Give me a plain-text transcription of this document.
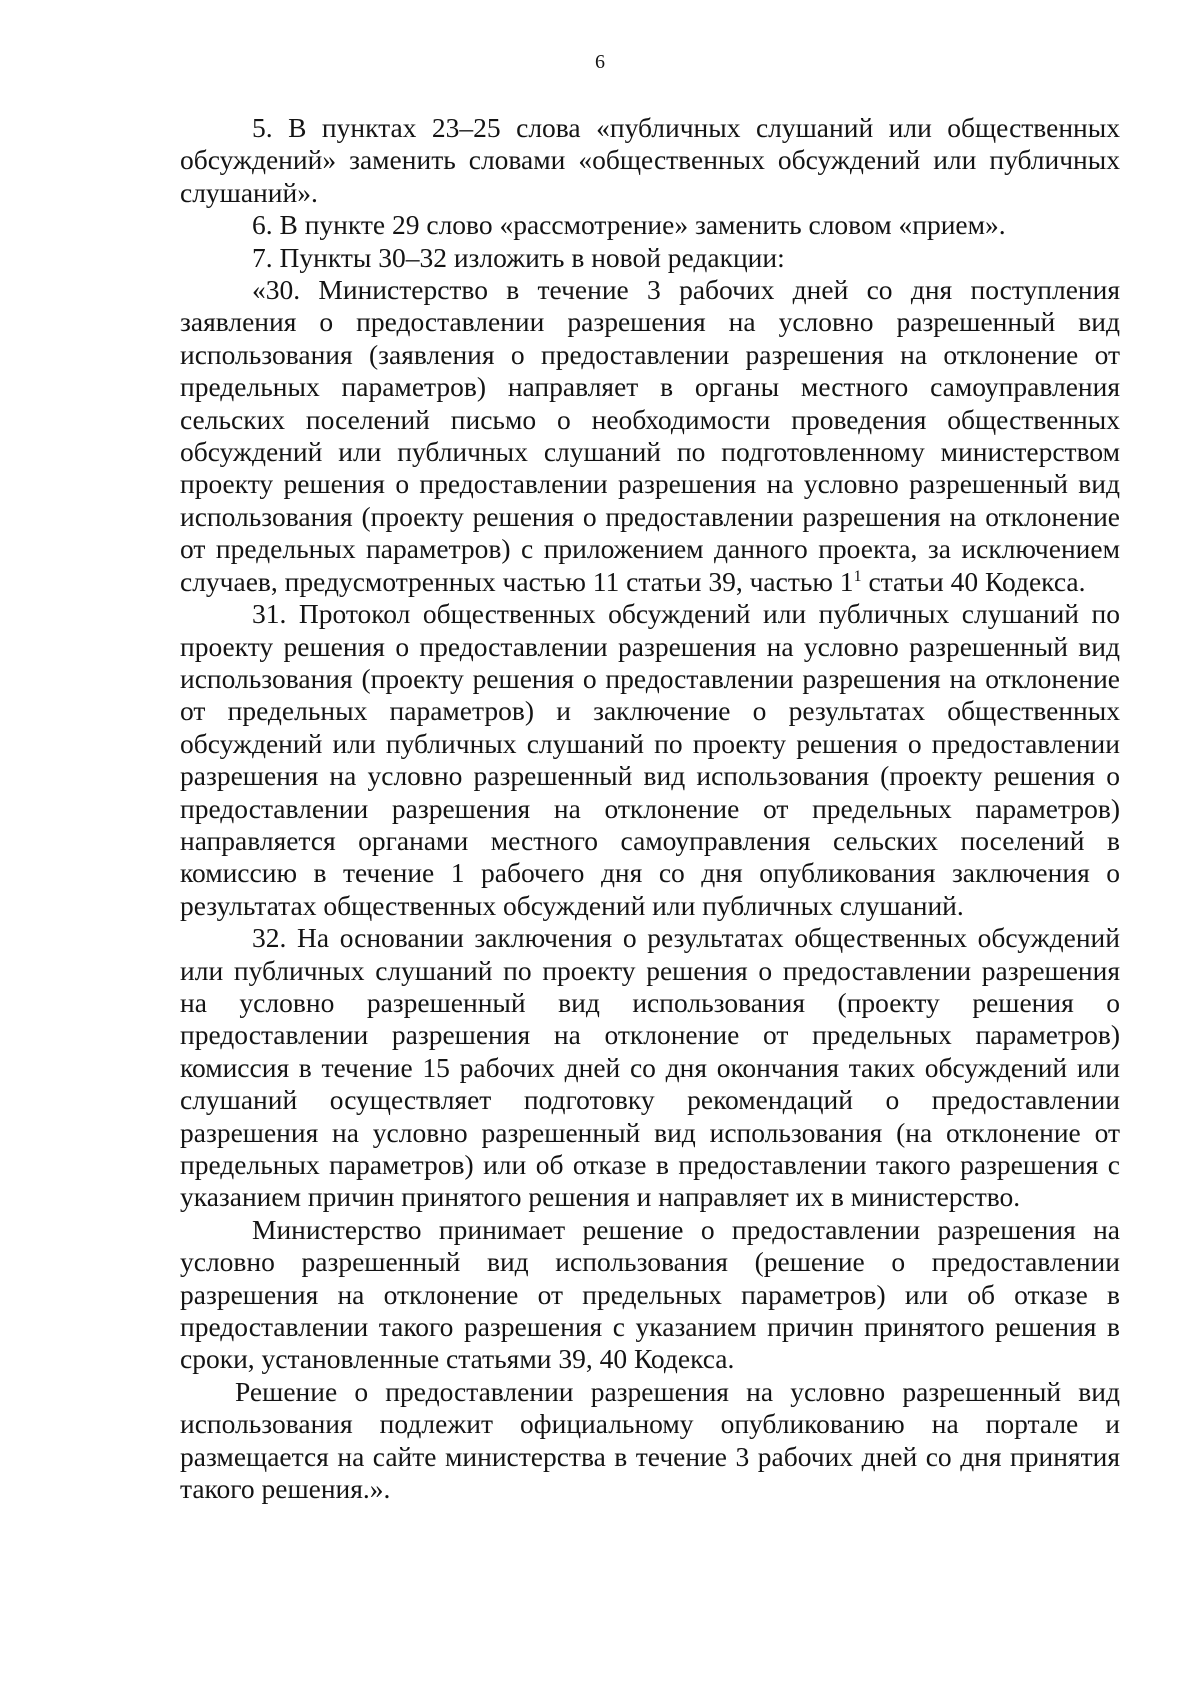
6

5. В пунктах 23–25 слова «публичных слушаний или общественных обсуждений» заменить словами «общественных обсуждений или публичных слушаний».

6. В пункте 29 слово «рассмотрение» заменить словом «прием».

7. Пункты 30–32 изложить в новой редакции:

«30. Министерство в течение 3 рабочих дней со дня поступления заявления о предоставлении разрешения на условно разрешенный вид использования (заявления о предоставлении разрешения на отклонение от предельных параметров) направляет в органы местного самоуправления сельских поселений письмо о необходимости проведения общественных обсуждений или публичных слушаний по подготовленному министерством проекту решения о предоставлении разрешения на условно разрешенный вид использования (проекту решения о предоставлении разрешения на отклонение от предельных параметров) с приложением данного проекта, за исключением случаев, предусмотренных частью 11 статьи 39, частью $1^1$ статьи 40 Кодекса.

31. Протокол общественных обсуждений или публичных слушаний по проекту решения о предоставлении разрешения на условно разрешенный вид использования (проекту решения о предоставлении разрешения на отклонение от предельных параметров) и заключение о результатах общественных обсуждений или публичных слушаний по проекту решения о предоставлении разрешения на условно разрешенный вид использования (проекту решения о предоставлении разрешения на отклонение от предельных параметров) направляется органами местного самоуправления сельских поселений в комиссию в течение 1 рабочего дня со дня опубликования заключения о результатах общественных обсуждений или публичных слушаний.

32. На основании заключения о результатах общественных обсуждений или публичных слушаний по проекту решения о предоставлении разрешения на условно разрешенный вид использования (проекту решения о предоставлении разрешения на отклонение от предельных параметров) комиссия в течение 15 рабочих дней со дня окончания таких обсуждений или слушаний осуществляет подготовку рекомендаций о предоставлении разрешения на условно разрешенный вид использования (на отклонение от предельных параметров) или об отказе в предоставлении такого разрешения с указанием причин принятого решения и направляет их в министерство.

Министерство принимает решение о предоставлении разрешения на условно разрешенный вид использования (решение о предоставлении разрешения на отклонение от предельных параметров) или об отказе в предоставлении такого разрешения с указанием причин принятого решения в сроки, установленные статьями 39, 40 Кодекса.

Решение о предоставлении разрешения на условно разрешенный вид использования подлежит официальному опубликованию на портале и размещается на сайте министерства в течение 3 рабочих дней со дня принятия такого решения.».
